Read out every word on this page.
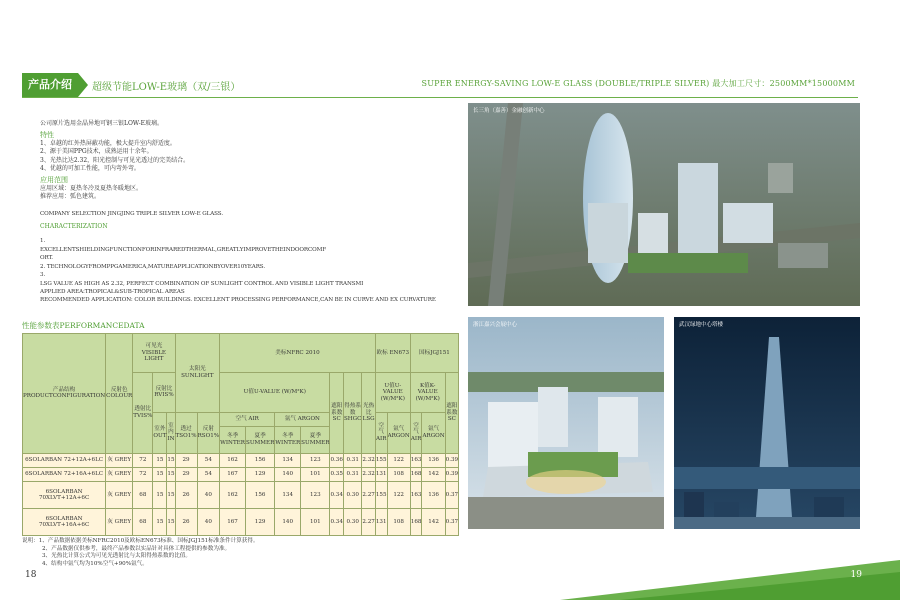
产品介绍	超级节能LOW-E玻璃（双/三银）	SUPER ENERGY-SAVING LOW-E GLASS (DOUBLE/TRIPLE SILVER) 最大加工尺寸：2500MM*15000MM
公司原片选用金晶异地可钢三银LOW-E玻璃。
特性
1、卓越的红外热屏蔽功能，极大提升室内舒适度。
2、源于美国PPG技术，成熟运用十余年。
3、光热比达2.32，阳光控制与可见光透过的完美结合。
4、优越的可加工性能，可内弯外弯。
应用范围
应用区域：夏热冬冷及夏热冬暖地区。
推荐应用：弧色建筑。
COMPANY SELECTION JINGJING TRIPLE SILVER LOW-E GLASS.
CHARACTERIZATION
1.
EXCELLENTSHIELDINGFUNCTIONFORINFRAREDTHERMAL,GREATLYIMPROVETHEINDOORCOMF
ORT.
2. TECHNOLOGYFROMPPGAMERICA,MATUREAPPLICATIONBYOVER10YEARS.
3.
LSG VALUE AS HIGH AS 2.32, PERFECT COMBINATION OF SUNLIGHT CONTROL AND VISIBLE LIGHT TRANSMI
APPLIED AREA:TROPICAL&SUB-TROPICAL AREAS
RECOMMENDED APPLICATION: COLOR BUILDINGS. EXCELLENT PROCESSING PERFORMANCE,CAN BE IN CURVE AND EX CURVATURE
性能参数表PERFORMANCEDATA
产品结构 PRODUCTCONFIGURATION	反射色 COLOUR	可见光 VISIBLE LIGHT			太阳光 SUNLIGHT		美标NFRC 2010							欧标 EN673		国标JGJ151		
		透射比 TVIS%	反射比 RVIS%				U值U-VALUE (W/M²K)				遮阳系数 SC	得热系数 SHGC	光热比 LSG	U值U-VALUE (W/M²K)		K值K-VALUE (W/M²K)		遮阳系数 SC
			室外 OUT	室内 IN	透过 TSO1%	反射 RSO1%	空气 AIR		氩气 ARGON					空气 AIR	氩气 ARGON	空气 AIR	氩气 ARGON	
							冬季 WINTER	夏季 SUMMER	冬季 WINTER	夏季 SUMMER								
6SOLARBAN 72+12A+6LC	灰 GREY	72	15	15	29	54	162	156	134	123	0.36	0.31	2.32	155	122	163	136	0.39
6SOLARBAN 72+16A+6LC	灰 GREY	72	15	15	29	54	167	129	140	101	0.35	0.31	2.32	131	108	168	142	0.39
6SOLARBAN 70XLVT+12A+6C	灰 GREY	68	15	15	26	40	162	156	134	123	0.34	0.30	2.27	155	122	163	136	0.37
6SOLARBAN 70XLVT+16A+6C	灰 GREY	68	15	15	26	40	167	129	140	101	0.34	0.30	2.27	131	108	168	142	0.37
说明：1、产品数据依据美标NFRC2010及欧标EN673标准、国标JGJ151标准条件计算获得。
2、产品数据仅供参考，最终产品参数以实品针对具体工程提供的参数为准。
3、光热比计算公式为可见光透射比与太阳得热系数的比值。
4、结构中氩气均为10%空气+90%氩气。
长三角（嘉善）金融创新中心
浙江嘉兴会展中心	武汉绿地中心塔楼
18	19
